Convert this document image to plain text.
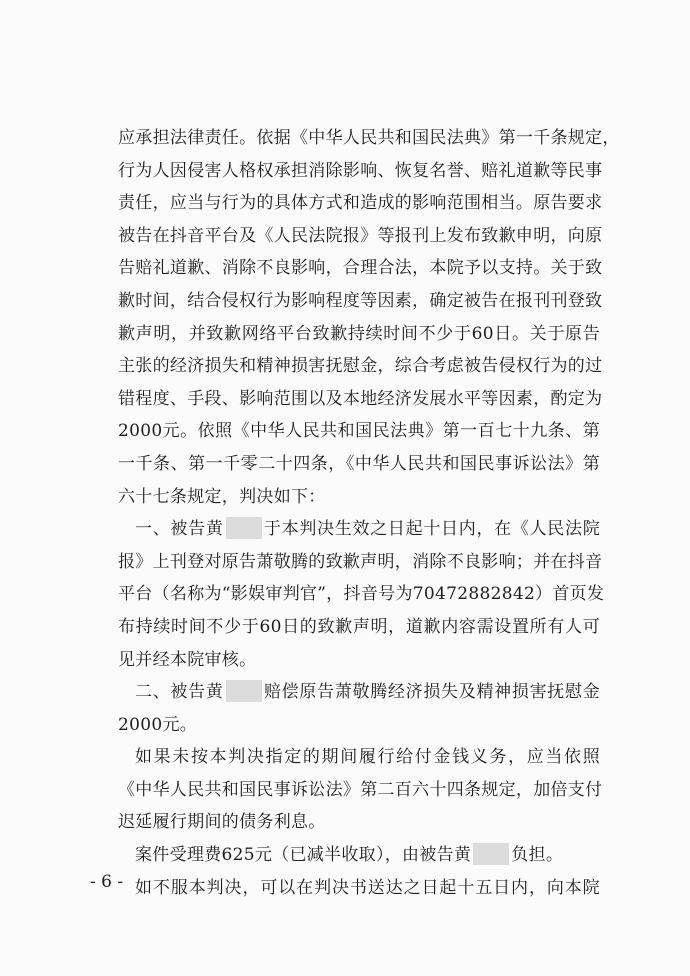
应承担法律责任。依据《中华人民共和国民法典》第一千条规定，
行为人因侵害人格权承担消除影响、恢复名誉、赔礼道歉等民事
责任，应当与行为的具体方式和造成的影响范围相当。原告要求
被告在抖音平台及《人民法院报》等报刊上发布致歉申明，向原
告赔礼道歉、消除不良影响，合理合法，本院予以支持。关于致
歉时间，结合侵权行为影响程度等因素，确定被告在报刊刊登致
歉声明，并致歉网络平台致歉持续时间不少于60日。关于原告
主张的经济损失和精神损害抚慰金，综合考虑被告侵权行为的过
错程度、手段、影响范围以及本地经济发展水平等因素，酌定为
2000元。依照《中华人民共和国民法典》第一百七十九条、第
一千条、第一千零二十四条，《中华人民共和国民事诉讼法》第
六十七条规定，判决如下：
一、被告黄 于本判决生效之日起十日内，在《人民法院
报》上刊登对原告萧敬腾的致歉声明，消除不良影响；并在抖音
平台（名称为“影娱审判官”，抖音号为70472882842）首页发
布持续时间不少于60日的致歉声明，道歉内容需设置所有人可
见并经本院审核。
二、被告黄 赔偿原告萧敬腾经济损失及精神损害抚慰金
2000元。
如果未按本判决指定的期间履行给付金钱义务，应当依照
《中华人民共和国民事诉讼法》第二百六十四条规定，加倍支付
迟延履行期间的债务利息。
案件受理费625元（已减半收取），由被告黄 负担。
如不服本判决，可以在判决书送达之日起十五日内，向本院
- 6 -
